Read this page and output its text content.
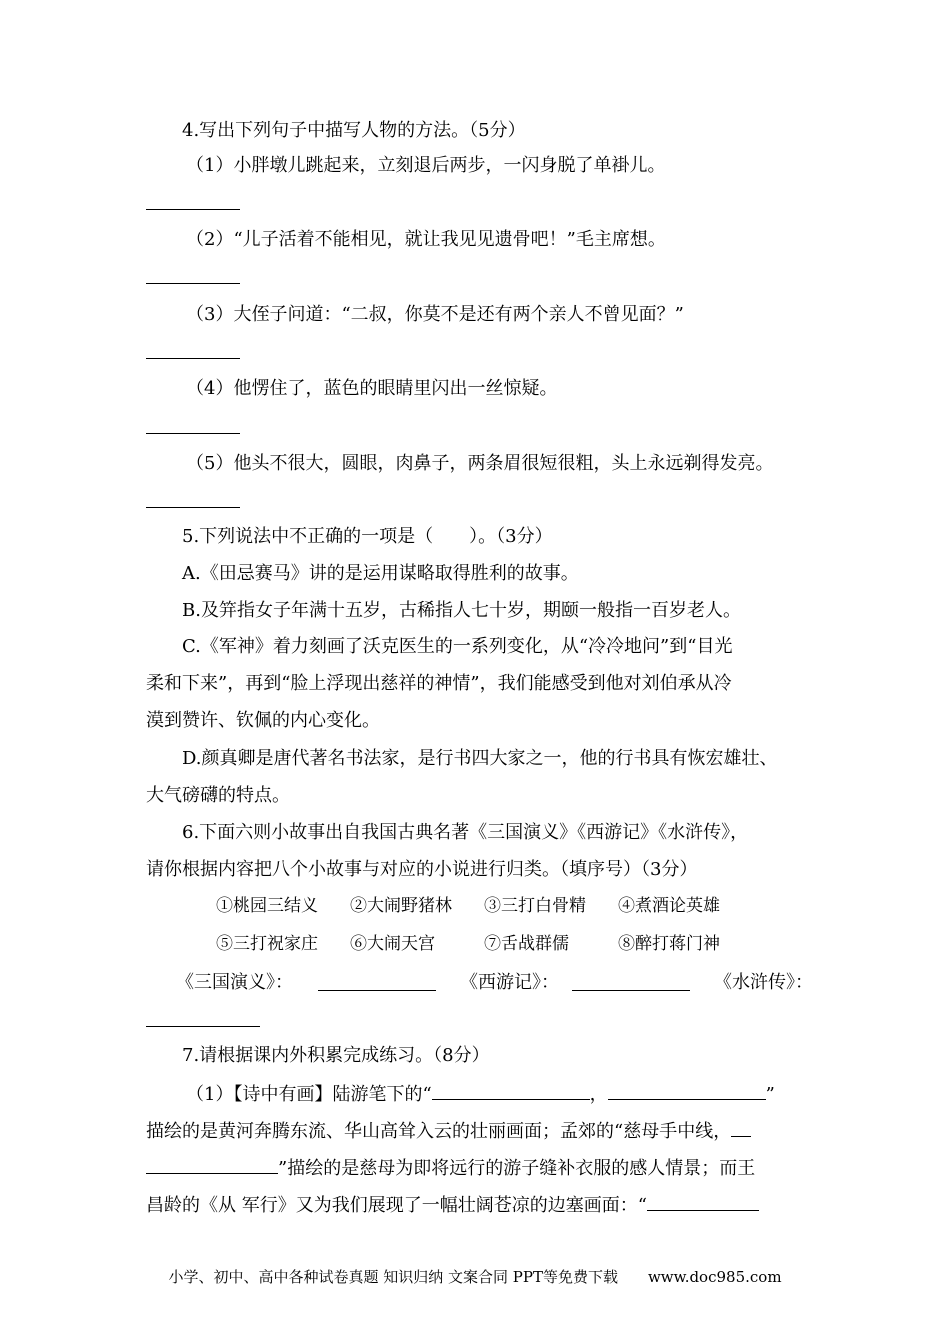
4.写出下列句子中描写人物的方法。（5分）
（1）小胖墩儿跳起来，立刻退后两步，一闪身脱了单褂儿。
（2）“儿子活着不能相见，就让我见见遗骨吧！”毛主席想。
（3）大侄子问道：“二叔，你莫不是还有两个亲人不曾见面？”
（4）他愣住了，蓝色的眼睛里闪出一丝惊疑。
（5）他头不很大，圆眼，肉鼻子，两条眉很短很粗，头上永远剃得发亮。
5.下列说法中不正确的一项是（　　）。（3分）
A.《田忌赛马》讲的是运用谋略取得胜利的故事。
B.及笄指女子年满十五岁，古稀指人七十岁，期颐一般指一百岁老人。
C.《军神》着力刻画了沃克医生的一系列变化，从“冷冷地问”到“目光
柔和下来”，再到“脸上浮现出慈祥的神情”，我们能感受到他对刘伯承从冷
漠到赞许、钦佩的内心变化。
D.颜真卿是唐代著名书法家，是行书四大家之一，他的行书具有恢宏雄壮、
大气磅礴的特点。
6.下面六则小故事出自我国古典名著《三国演义》《西游记》《水浒传》，
请你根据内容把八个小故事与对应的小说进行归类。（填序号）（3分）
①桃园三结义 ②大闹野猪林 ③三打白骨精 ④煮酒论英雄
⑤三打祝家庄 ⑥大闹天宫	⑦舌战群儒	⑧醉打蒋门神
《三国演义》：	《西游记》：	《水浒传》：
7.请根据课内外积累完成练习。（8分）
（1）【诗中有画】陆游笔下的“	，	”
描绘的是黄河奔腾东流、华山高耸入云的壮丽画面；孟郊的“慈母手中线，
”描绘的是慈母为即将远行的游子缝补衣服的感人情景；而王
昌龄的《从 军行》又为我们展现了一幅壮阔苍凉的边塞画面：“
小学、初中、高中各种试卷真题 知识归纳 文案合同 PPT等免费下载　　www.doc985.com
